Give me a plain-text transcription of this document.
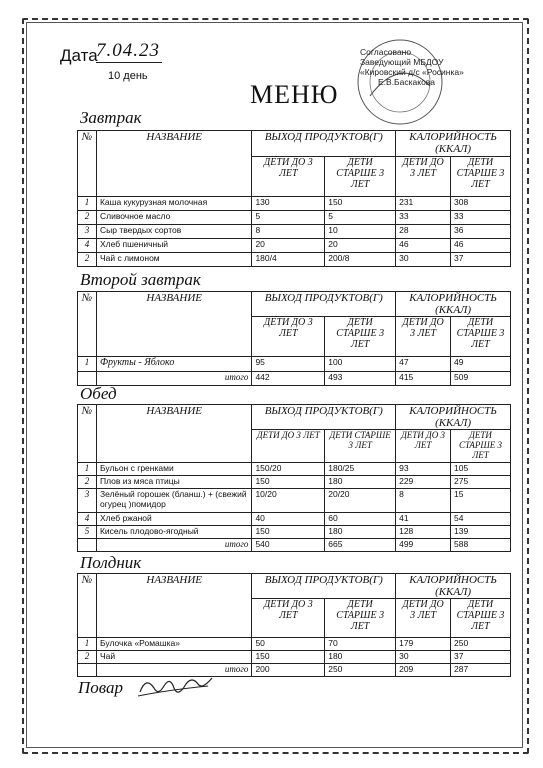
Дата
7.04.23
10 день
МЕНЮ
Согласовано
Заведующий МБДОУ
«Кировский д/с «Росинка»
Е.В.Баскакова
Завтрак
№	НАЗВАНИЕ	ВЫХОД ПРОДУКТОВ(Г)		КАЛОРИЙНОСТЬ (ККАЛ)	
		ДЕТИ ДО 3 ЛЕТ	ДЕТИ СТАРШЕ 3 ЛЕТ	ДЕТИ ДО 3 ЛЕТ	ДЕТИ СТАРШЕ 3 ЛЕТ
1	Каша кукурузная молочная	130	150	231	308
2	Сливочное масло	5	5	33	33
3	Сыр твердых сортов	8	10	28	36
4	Хлеб пшеничный	20	20	46	46
2	Чай с лимоном	180/4	200/8	30	37
Второй завтрак
№	НАЗВАНИЕ	ВЫХОД ПРОДУКТОВ(Г)		КАЛОРИЙНОСТЬ (ККАЛ)	
		ДЕТИ ДО 3 ЛЕТ	ДЕТИ СТАРШЕ 3 ЛЕТ	ДЕТИ ДО 3 ЛЕТ	ДЕТИ СТАРШЕ 3 ЛЕТ
1	Фрукты - Яблоко	95	100	47	49
	итого	442	493	415	509
Обед
№	НАЗВАНИЕ	ВЫХОД ПРОДУКТОВ(Г)		КАЛОРИЙНОСТЬ (ККАЛ)	
		ДЕТИ ДО 3 ЛЕТ	ДЕТИ СТАРШЕ 3 ЛЕТ	ДЕТИ ДО 3 ЛЕТ	ДЕТИ СТАРШЕ 3 ЛЕТ
1	Бульон с гренками	150/20	180/25	93	105
2	Плов из мяса птицы	150	180	229	275
3	Зелёный горошек (бланш.) + (свежий огурец )помидор	10/20	20/20	8	15
4	Хлеб ржаной	40	60	41	54
5	Кисель плодово-ягодный	150	180	128	139
	итого	540	665	499	588
Полдник
№	НАЗВАНИЕ	ВЫХОД ПРОДУКТОВ(Г)		КАЛОРИЙНОСТЬ (ККАЛ)	
		ДЕТИ ДО 3 ЛЕТ	ДЕТИ СТАРШЕ 3 ЛЕТ	ДЕТИ ДО 3 ЛЕТ	ДЕТИ СТАРШЕ 3 ЛЕТ
1	Булочка «Ромашка»	50	70	179	250
2	Чай	150	180	30	37
	итого	200	250	209	287
Повар
